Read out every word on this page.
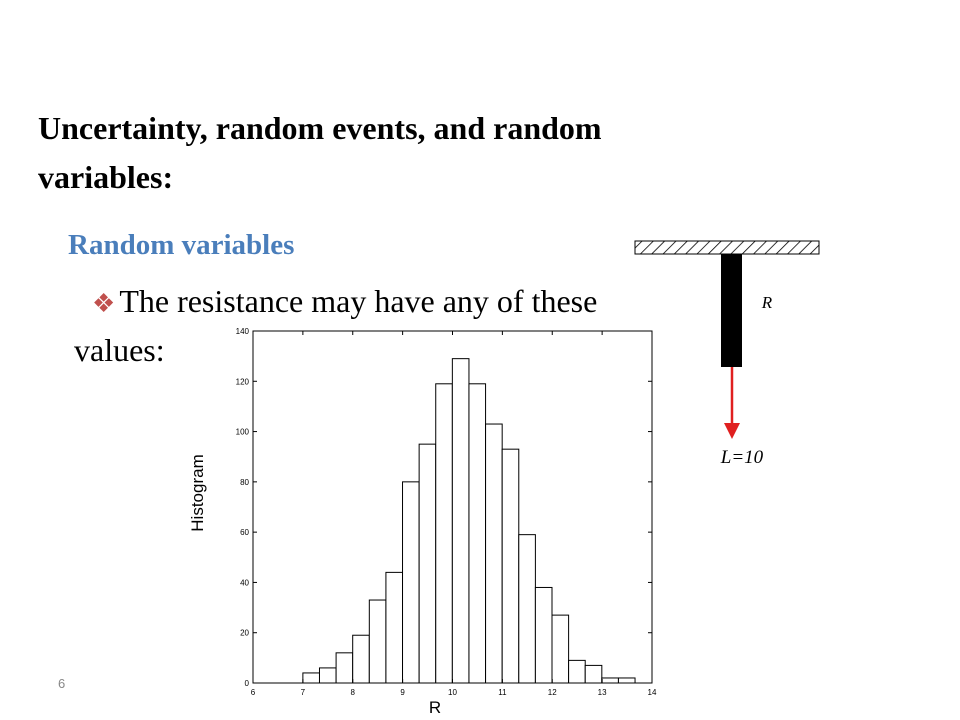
Uncertainty, random events, and random variables:
Random variables
❖ The resistance may have any of these
values:
6
6	7	8	9	10	11	12	13	14
0
20
40
60
80
100
120
140
R
Histogram
R
L=10
